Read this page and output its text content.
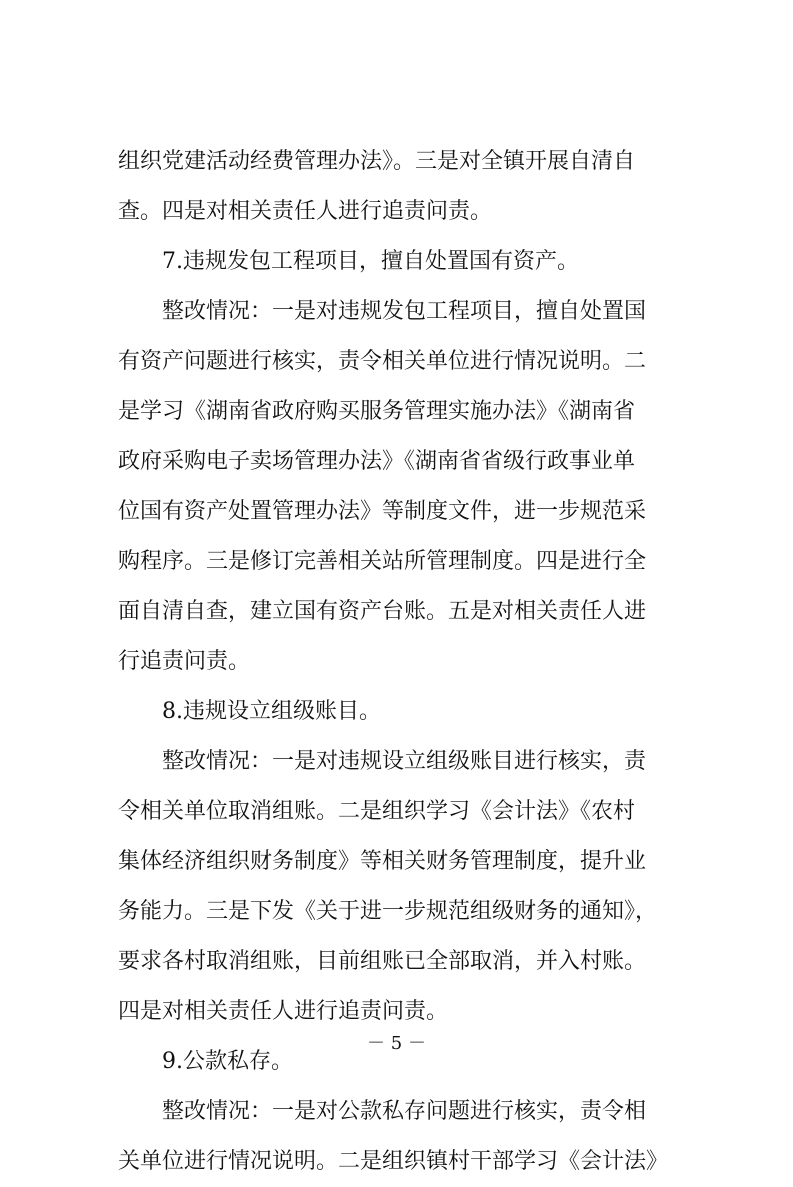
组织党建活动经费管理办法》。三是对全镇开展自清自
查。四是对相关责任人进行追责问责。
7.违规发包工程项目，擅自处置国有资产。
整改情况：一是对违规发包工程项目，擅自处置国
有资产问题进行核实，责令相关单位进行情况说明。二
是学习《湖南省政府购买服务管理实施办法》《湖南省
政府采购电子卖场管理办法》《湖南省省级行政事业单
位国有资产处置管理办法》等制度文件，进一步规范采
购程序。三是修订完善相关站所管理制度。四是进行全
面自清自查，建立国有资产台账。五是对相关责任人进
行追责问责。
8.违规设立组级账目。
整改情况：一是对违规设立组级账目进行核实，责
令相关单位取消组账。二是组织学习《会计法》《农村
集体经济组织财务制度》等相关财务管理制度，提升业
务能力。三是下发《关于进一步规范组级财务的通知》，
要求各村取消组账，目前组账已全部取消，并入村账。
四是对相关责任人进行追责问责。
9.公款私存。
整改情况：一是对公款私存问题进行核实，责令相
关单位进行情况说明。二是组织镇村干部学习《会计法》
－ 5 －
